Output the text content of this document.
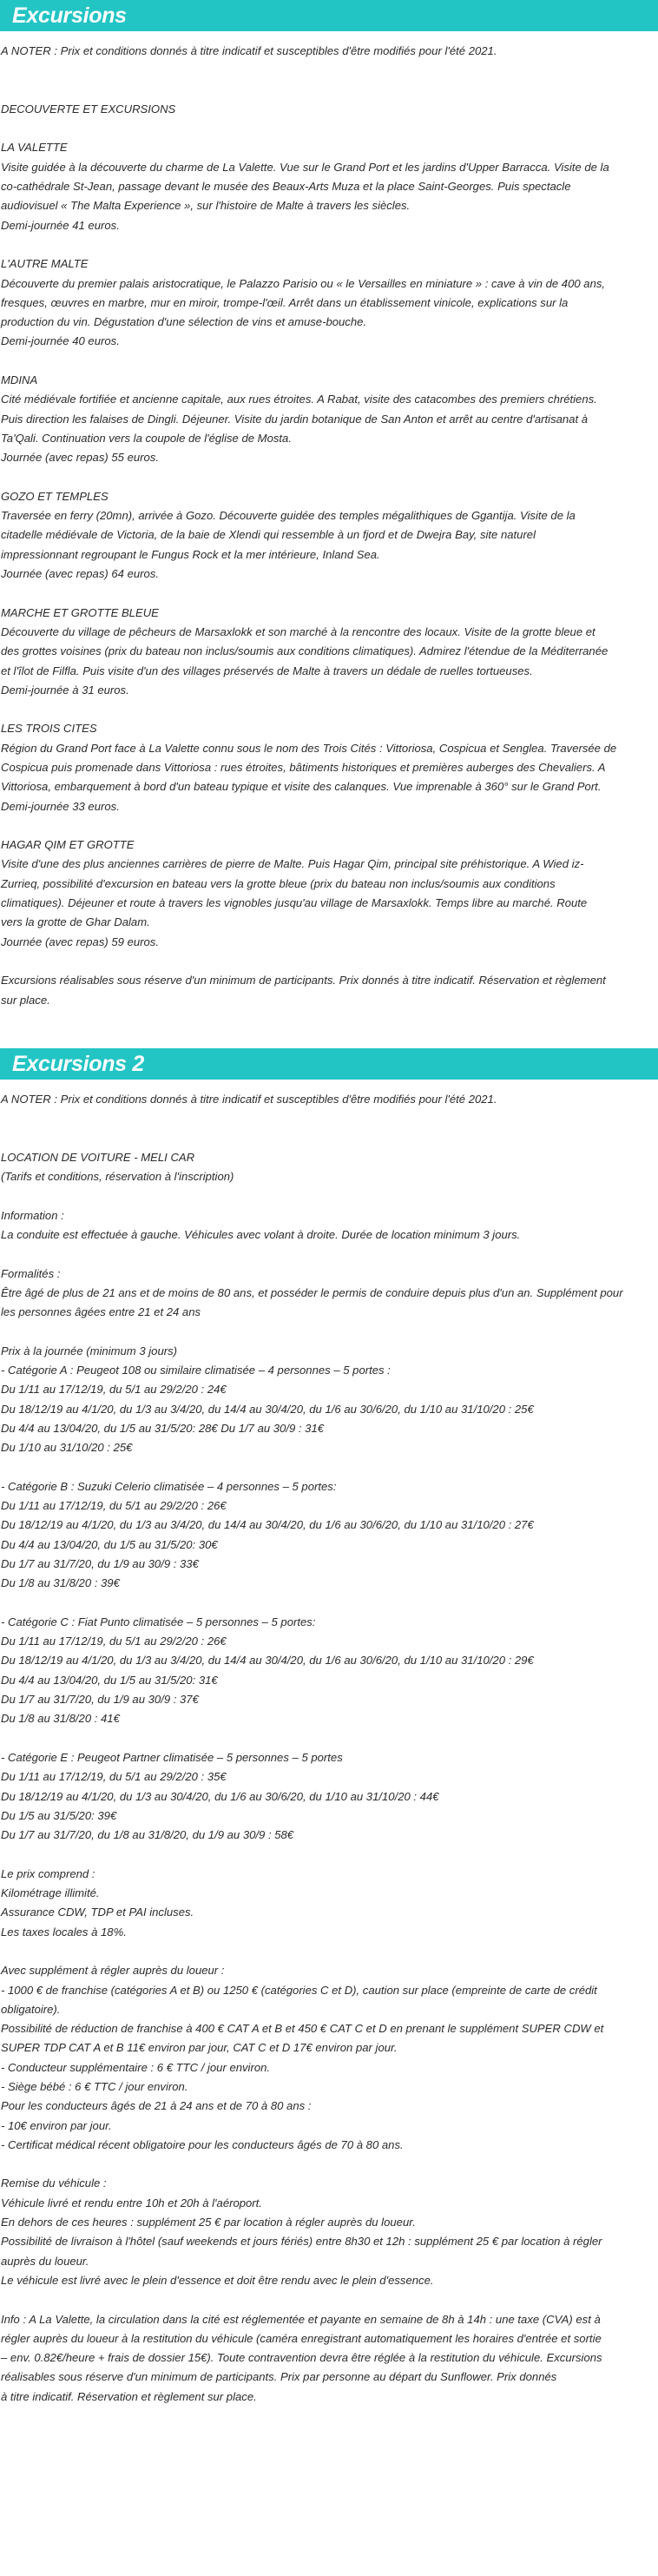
Excursions

A NOTER : Prix et conditions donnés à titre indicatif et susceptibles d'être modifiés pour l'été 2021.

DECOUVERTE ET EXCURSIONS

LA VALETTE

Visite guidée à la découverte du charme de La Valette. Vue sur le Grand Port et les jardins d'Upper Barracca. Visite de la

co-cathédrale St-Jean, passage devant le musée des Beaux-Arts Muza et la place Saint-Georges. Puis spectacle

audiovisuel « The Malta Experience », sur l'histoire de Malte à travers les siècles.

Demi-journée 41 euros.

L'AUTRE MALTE

Découverte du premier palais aristocratique, le Palazzo Parisio ou « le Versailles en miniature » : cave à vin de 400 ans,

fresques, œuvres en marbre, mur en miroir, trompe-l'œil. Arrêt dans un établissement vinicole, explications sur la

production du vin. Dégustation d'une sélection de vins et amuse-bouche.

Demi-journée 40 euros.

MDINA

Cité médiévale fortifiée et ancienne capitale, aux rues étroites. A Rabat, visite des catacombes des premiers chrétiens.

Puis direction les falaises de Dingli. Déjeuner. Visite du jardin botanique de San Anton et arrêt au centre d'artisanat à

Ta'Qali. Continuation vers la coupole de l'église de Mosta.

Journée (avec repas) 55 euros.

GOZO ET TEMPLES

Traversée en ferry (20mn), arrivée à Gozo. Découverte guidée des temples mégalithiques de Ggantija. Visite de la

citadelle médiévale de Victoria, de la baie de Xlendi qui ressemble à un fjord et de Dwejra Bay, site naturel

impressionnant regroupant le Fungus Rock et la mer intérieure, Inland Sea.

Journée (avec repas) 64 euros.

MARCHE ET GROTTE BLEUE

Découverte du village de pêcheurs de Marsaxlokk et son marché à la rencontre des locaux. Visite de la grotte bleue et

des grottes voisines (prix du bateau non inclus/soumis aux conditions climatiques). Admirez l'étendue de la Méditerranée

et l'îlot de Filfla. Puis visite d'un des villages préservés de Malte à travers un dédale de ruelles tortueuses.

Demi-journée à 31 euros.

LES TROIS CITES

Région du Grand Port face à La Valette connu sous le nom des Trois Cités : Vittoriosa, Cospicua et Senglea. Traversée de

Cospicua puis promenade dans Vittoriosa : rues étroites, bâtiments historiques et premières auberges des Chevaliers. A

Vittoriosa, embarquement à bord d'un bateau typique et visite des calanques. Vue imprenable à 360° sur le Grand Port.

Demi-journée 33 euros.

HAGAR QIM ET GROTTE

Visite d'une des plus anciennes carrières de pierre de Malte. Puis Hagar Qim, principal site préhistorique. A Wied iz-

Zurrieq, possibilité d'excursion en bateau vers la grotte bleue (prix du bateau non inclus/soumis aux conditions

climatiques). Déjeuner et route à travers les vignobles jusqu'au village de Marsaxlokk. Temps libre au marché. Route

vers la grotte de Ghar Dalam.

Journée (avec repas) 59 euros.

Excursions réalisables sous réserve d'un minimum de participants. Prix donnés à titre indicatif. Réservation et règlement

sur place.

Excursions 2

A NOTER : Prix et conditions donnés à titre indicatif et susceptibles d'être modifiés pour l'été 2021.

LOCATION DE VOITURE - MELI CAR

(Tarifs et conditions, réservation à l'inscription)

Information :

La conduite est effectuée à gauche. Véhicules avec volant à droite. Durée de location minimum 3 jours.

Formalités :

Être âgé de plus de 21 ans et de moins de 80 ans, et posséder le permis de conduire depuis plus d'un an. Supplément pour

les personnes âgées entre 21 et 24 ans

Prix à la journée (minimum 3 jours)

- Catégorie A : Peugeot 108 ou similaire climatisée – 4 personnes – 5 portes :

Du 1/11 au 17/12/19, du 5/1 au 29/2/20 : 24€

Du 18/12/19 au 4/1/20, du 1/3 au 3/4/20, du 14/4 au 30/4/20, du 1/6 au 30/6/20, du 1/10 au 31/10/20 : 25€

Du 4/4 au 13/04/20, du 1/5 au 31/5/20: 28€ Du 1/7 au 30/9 : 31€

Du 1/10 au 31/10/20 : 25€

- Catégorie B : Suzuki Celerio climatisée – 4 personnes – 5 portes:

Du 1/11 au 17/12/19, du 5/1 au 29/2/20 : 26€

Du 18/12/19 au 4/1/20, du 1/3 au 3/4/20, du 14/4 au 30/4/20, du 1/6 au 30/6/20, du 1/10 au 31/10/20 : 27€

Du 4/4 au 13/04/20, du 1/5 au 31/5/20: 30€

Du 1/7 au 31/7/20, du 1/9 au 30/9 : 33€

Du 1/8 au 31/8/20 : 39€

- Catégorie C : Fiat Punto climatisée – 5 personnes – 5 portes:

Du 1/11 au 17/12/19, du 5/1 au 29/2/20 : 26€

Du 18/12/19 au 4/1/20, du 1/3 au 3/4/20, du 14/4 au 30/4/20, du 1/6 au 30/6/20, du 1/10 au 31/10/20 : 29€

Du 4/4 au 13/04/20, du 1/5 au 31/5/20: 31€

Du 1/7 au 31/7/20, du 1/9 au 30/9 : 37€

Du 1/8 au 31/8/20 : 41€

- Catégorie E : Peugeot Partner climatisée – 5 personnes – 5 portes

Du 1/11 au 17/12/19, du 5/1 au 29/2/20 : 35€

Du 18/12/19 au 4/1/20, du 1/3 au 30/4/20, du 1/6 au 30/6/20, du 1/10 au 31/10/20 : 44€

Du 1/5 au 31/5/20: 39€

Du 1/7 au 31/7/20, du 1/8 au 31/8/20, du 1/9 au 30/9 : 58€

Le prix comprend :

Kilométrage illimité.

Assurance CDW, TDP et PAI incluses.

Les taxes locales à 18%.

Avec supplément à régler auprès du loueur :

- 1000 € de franchise (catégories A et B) ou 1250 € (catégories C et D), caution sur place (empreinte de carte de crédit

obligatoire).

Possibilité de réduction de franchise à 400 € CAT A et B et 450 € CAT C et D en prenant le supplément SUPER CDW et

SUPER TDP CAT A et B 11€ environ par jour, CAT C et D 17€ environ par jour.

- Conducteur supplémentaire : 6 € TTC / jour environ.

- Siège bébé : 6 € TTC / jour environ.

Pour les conducteurs âgés de 21 à 24 ans et de 70 à 80 ans :

- 10€ environ par jour.

- Certificat médical récent obligatoire pour les conducteurs âgés de 70 à 80 ans.

Remise du véhicule :

Véhicule livré et rendu entre 10h et 20h à l'aéroport.

En dehors de ces heures : supplément 25 € par location à régler auprès du loueur.

Possibilité de livraison à l'hôtel (sauf weekends et jours fériés) entre 8h30 et 12h : supplément 25 € par location à régler

auprès du loueur.

Le véhicule est livré avec le plein d'essence et doit être rendu avec le plein d'essence.

Info : A La Valette, la circulation dans la cité est réglementée et payante en semaine de 8h à 14h : une taxe (CVA) est à

régler auprès du loueur à la restitution du véhicule (caméra enregistrant automatiquement les horaires d'entrée et sortie

– env. 0.82€/heure + frais de dossier 15€). Toute contravention devra être réglée à la restitution du véhicule. Excursions

réalisables sous réserve d'un minimum de participants. Prix par personne au départ du Sunflower. Prix donnés

à titre indicatif. Réservation et règlement sur place.
